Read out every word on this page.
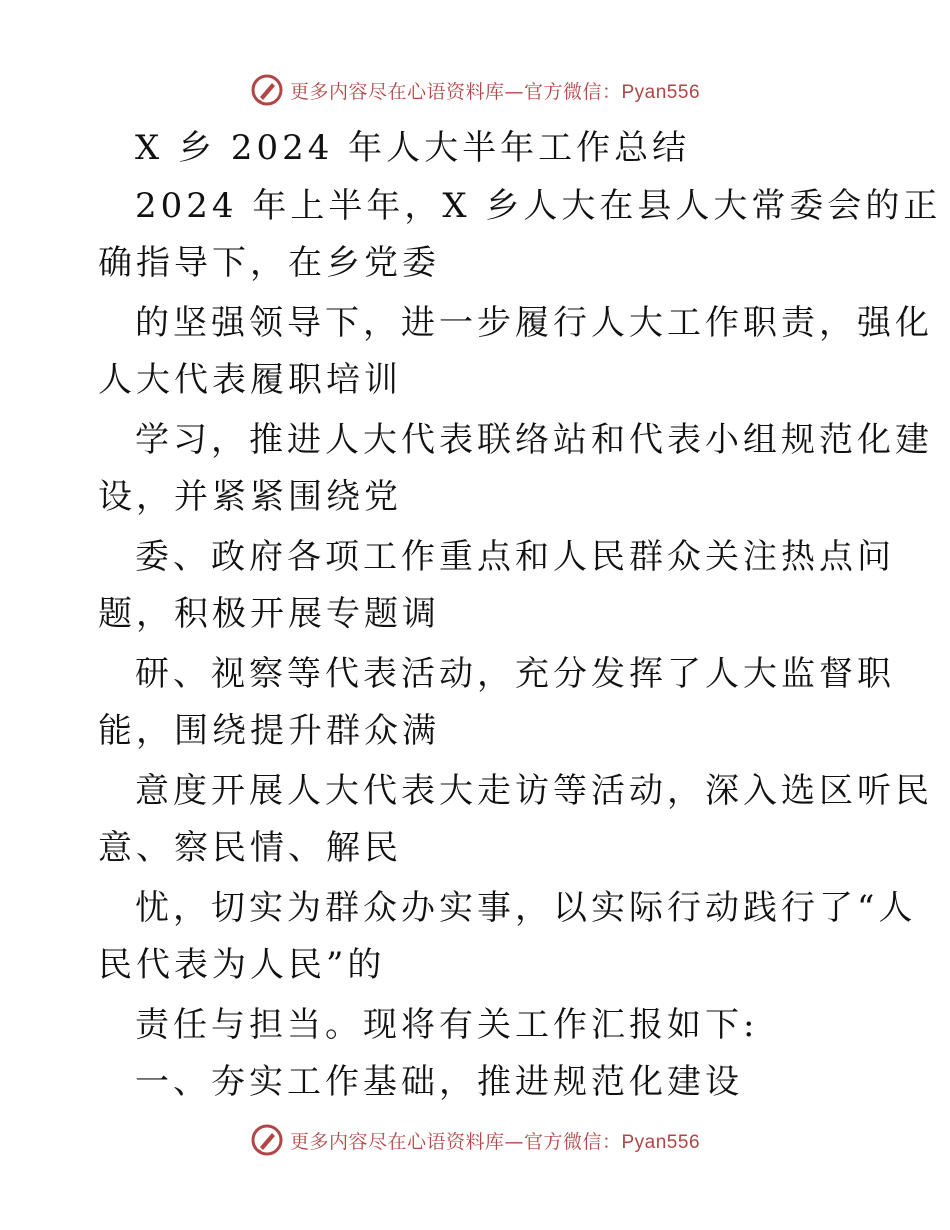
更多内容尽在心语资料库—官方微信：Pyan556

X 乡 2024 年人大半年工作总结

2024 年上半年，X 乡人大在县人大常委会的正

确指导下，在乡党委

的坚强领导下，进一步履行人大工作职责，强化

人大代表履职培训

学习，推进人大代表联络站和代表小组规范化建

设，并紧紧围绕党

委、政府各项工作重点和人民群众关注热点问

题，积极开展专题调

研、视察等代表活动，充分发挥了人大监督职

能，围绕提升群众满

意度开展人大代表大走访等活动，深入选区听民

意、察民情、解民

忧，切实为群众办实事，以实际行动践行了“人

民代表为人民”的

责任与担当。现将有关工作汇报如下:

一、夯实工作基础，推进规范化建设

更多内容尽在心语资料库—官方微信：Pyan556
